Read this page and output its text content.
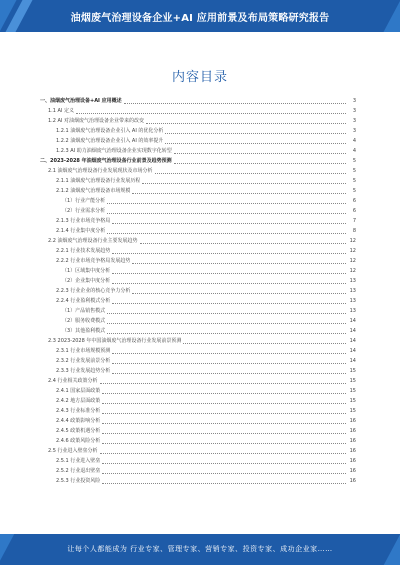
油烟废气治理设备企业+AI 应用前景及布局策略研究报告
内容目录
一、油烟废气治理设备+AI 应用概述	3
1.1 AI 定义	3
1.2 AI 对油烟废气治理设备企业带来的改变	3
1.2.1 油烟废气治理设备企业引入 AI 的优化分析	3
1.2.2 油烟废气治理设备企业引入 AI 的效率提升	4
1.2.3 AI 助力油烟废气治理设备企业实现数字化转型	4
二、2023-2028 年油烟废气治理设备行业前景及趋势预测	5
2.1 油烟废气治理设备行业发展现状及市场分析	5
2.1.1 油烟废气治理设备行业发展历程	5
2.1.2 油烟废气治理设备市场规模	5
（1）行业产能分析	6
（2）行业需求分析	6
2.1.3 行业市场竞争格局	7
2.1.4 行业集中度分析	8
2.2 油烟废气治理设备行业主要发展趋势	12
2.2.1 行业技术发展趋势	12
2.2.2 行业市场竞争格局发展趋势	12
（1）区域集中度分析	12
（2）企业集中度分析	13
2.2.3 行业企业的核心竞争力分析	13
2.2.4 行业盈利模式分析	13
（1）产品销售模式	13
（2）服务收费模式	14
（3）其他盈利模式	14
2.3 2023-2028 年中国油烟废气治理设备行业发展前景预测	14
2.3.1 行业市场规模预测	14
2.3.2 行业发展前景分析	14
2.3.3 行业发展趋势分析	15
2.4 行业相关政策分析	15
2.4.1 国家层面政策	15
2.4.2 地方层面政策	15
2.4.3 行业标准分析	15
2.4.4 政策影响分析	16
2.4.5 政策机遇分析	16
2.4.6 政策风险分析	16
2.5 行业进入壁垒分析	16
2.5.1 行业进入壁垒	16
2.5.2 行业退出壁垒	16
2.5.3 行业投资风险	16
让每个人都能成为 行业专家、管理专家、营销专家、投资专家、成功企业家……
